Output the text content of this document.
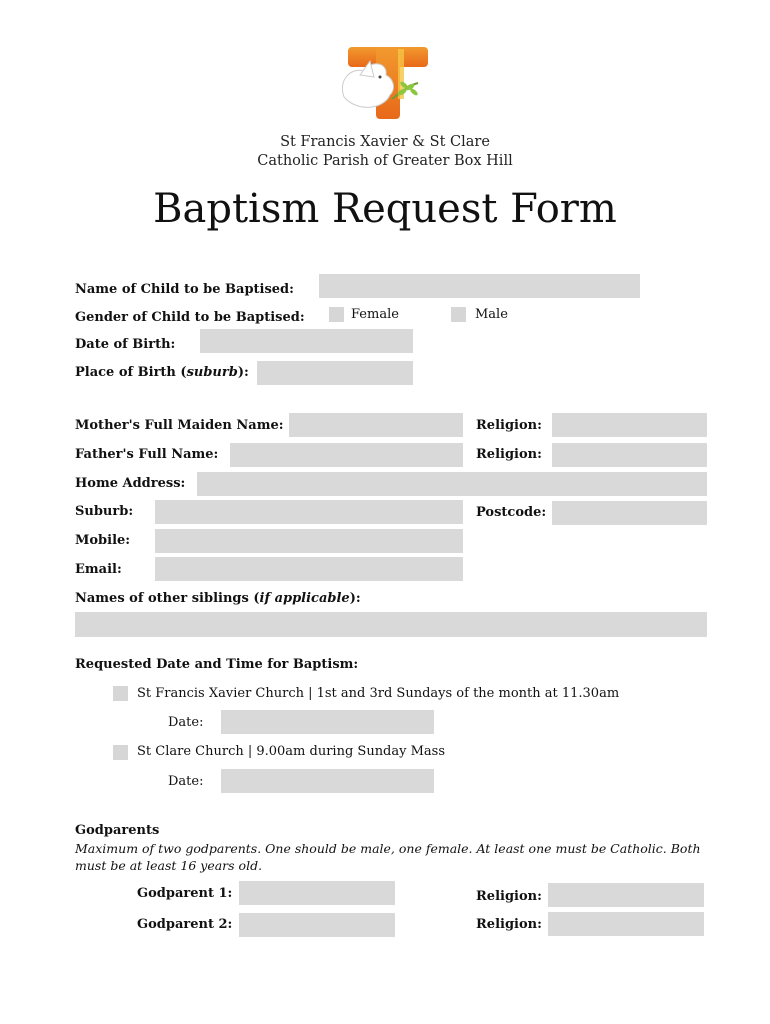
St Francis Xavier & St Clare
Catholic Parish of Greater Box Hill
Baptism Request Form
Name of Child to be Baptised:
Gender of Child to be Baptised:	Female	Male
Date of Birth:
Place of Birth (suburb):
Mother's Full Maiden Name:	Religion:
Father's Full Name:	Religion:
Home Address:
Suburb:	Postcode:
Mobile:
Email:
Names of other siblings (if applicable):
Requested Date and Time for Baptism:
St Francis Xavier Church | 1st and 3rd Sundays of the month at 11.30am
Date:
St Clare Church | 9.00am during Sunday Mass
Date:
Godparents
Maximum of two godparents. One should be male, one female. At least one must be Catholic. Both must be at least 16 years old.
Godparent 1:	Religion:
Godparent 2:	Religion:
